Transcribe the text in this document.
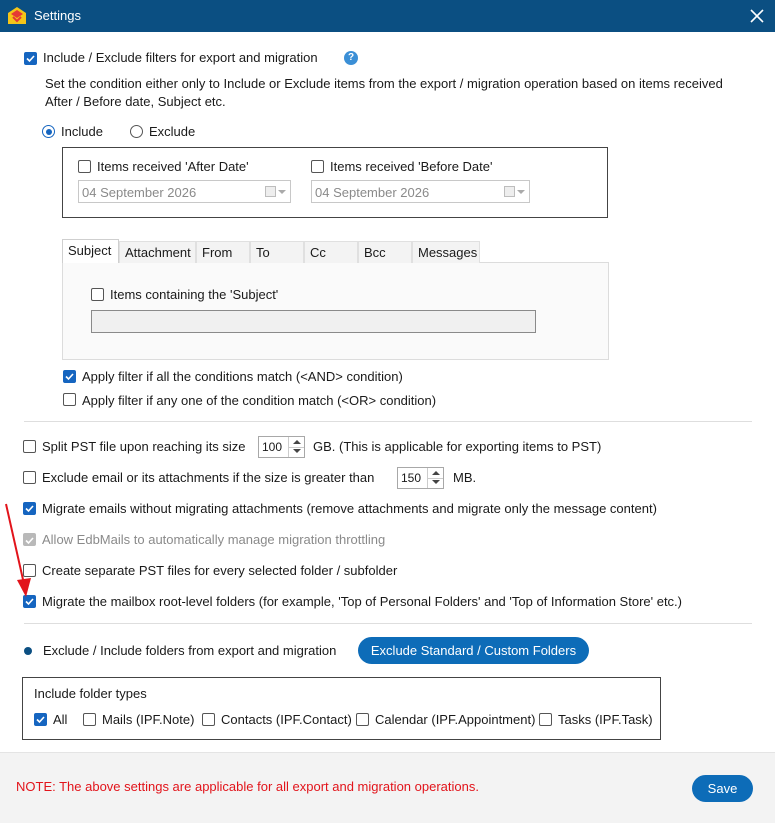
Settings
Include / Exclude filters for export and migration	?
Set the condition either only to Include or Exclude items from the export / migration operation based on items received
After / Before date, Subject etc.
Include	Exclude
Items received 'After Date'
04 September 2026
Items received 'Before Date'
04 September 2026
Subject	Attachment From	To	Cc	Bcc	Messages
Items containing the 'Subject'
Apply filter if all the conditions match (<AND> condition)
Apply filter if any one of the condition match (<OR> condition)
Split PST file upon reaching its size	100	GB. (This is applicable for exporting items to PST)
Exclude email or its attachments if the size is greater than	150	MB.
Migrate emails without migrating attachments (remove attachments and migrate only the message content)
Allow EdbMails to automatically manage migration throttling
Create separate PST files for every selected folder / subfolder
Migrate the mailbox root-level folders (for example, 'Top of Personal Folders' and 'Top of Information Store' etc.)
Exclude / Include folders from export and migration	Exclude Standard / Custom Folders
Include folder types
All	Mails (IPF.Note) Contacts (IPF.Contact) Calendar (IPF.Appointment) Tasks (IPF.Task)
NOTE: The above settings are applicable for all export and migration operations.	Save
